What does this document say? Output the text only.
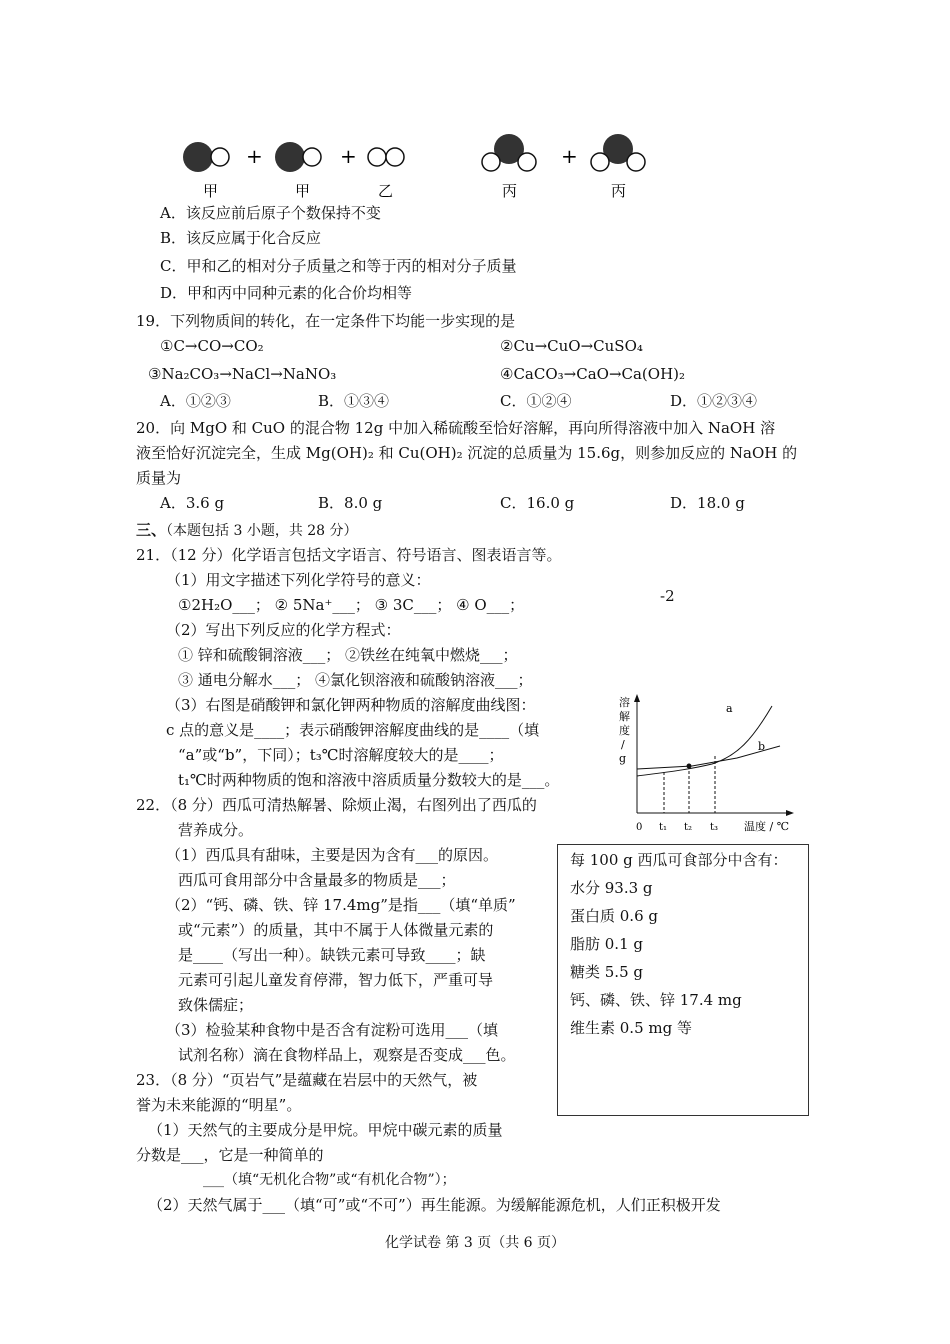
+	+	+
甲	甲	乙	丙	丙
A．该反应前后原子个数保持不变
B．该反应属于化合反应
C．甲和乙的相对分子质量之和等于丙的相对分子质量
D．甲和丙中同种元素的化合价均相等
19．下列物质间的转化，在一定条件下均能一步实现的是
①C→CO→CO₂	②Cu→CuO→CuSO₄
③Na₂CO₃→NaCl→NaNO₃	④CaCO₃→CaO→Ca(OH)₂
A．①②③	B．①③④	C．①②④	D．①②③④
20．向 MgO 和 CuO 的混合物 12g 中加入稀硫酸至恰好溶解，再向所得溶液中加入 NaOH 溶
液至恰好沉淀完全，生成 Mg(OH)₂ 和 Cu(OH)₂ 沉淀的总质量为 15.6g，则参加反应的 NaOH 的
质量为
A．3.6 g	B．8.0 g	C．16.0 g	D．18.0 g
三、（本题包括 3 小题，共 28 分）
21．（12 分）化学语言包括文字语言、符号语言、图表语言等。
（1）用文字描述下列化学符号的意义：
-2
①2H₂O___； ② 5Na⁺___； ③ 3C___； ④ O___；
（2）写出下列反应的化学方程式：
① 锌和硫酸铜溶液___； ②铁丝在纯氧中燃烧___；
③ 通电分解水___； ④氯化钡溶液和硫酸钠溶液___；
（3）右图是硝酸钾和氯化钾两种物质的溶解度曲线图：
c 点的意义是____；表示硝酸钾溶解度曲线的是____（填
“a”或“b”，下同）；t₃℃时溶解度较大的是____；
t₁℃时两种物质的饱和溶液中溶质质量分数较大的是___。
溶
解
度
/
g
a
b
0 t₁ t₂ t₃ 温度 / ℃
22．（8 分）西瓜可清热解暑、除烦止渴，右图列出了西瓜的
营养成分。
（1）西瓜具有甜味，主要是因为含有___的原因。
西瓜可食用部分中含量最多的物质是___；
（2）“钙、磷、铁、锌 17.4mg”是指___（填“单质”
或“元素”）的质量，其中不属于人体微量元素的
是____（写出一种）。缺铁元素可导致____；缺
元素可引起儿童发育停滞，智力低下，严重可导
致侏儒症；
（3）检验某种食物中是否含有淀粉可选用___（填
试剂名称）滴在食物样品上，观察是否变成___色。
每 100 g 西瓜可食部分中含有：
水分 93.3 g
蛋白质 0.6 g
脂肪 0.1 g
糖类 5.5 g
钙、磷、铁、锌 17.4 mg
维生素 0.5 mg 等
23．（8 分）“页岩气”是蕴藏在岩层中的天然气，被
誉为未来能源的“明星”。
（1）天然气的主要成分是甲烷。甲烷中碳元素的质量
分数是___，它是一种简单的
___（填“无机化合物”或“有机化合物”）；
（2）天然气属于___（填“可”或“不可”）再生能源。为缓解能源危机，人们正积极开发
化学试卷 第 3 页（共 6 页）
